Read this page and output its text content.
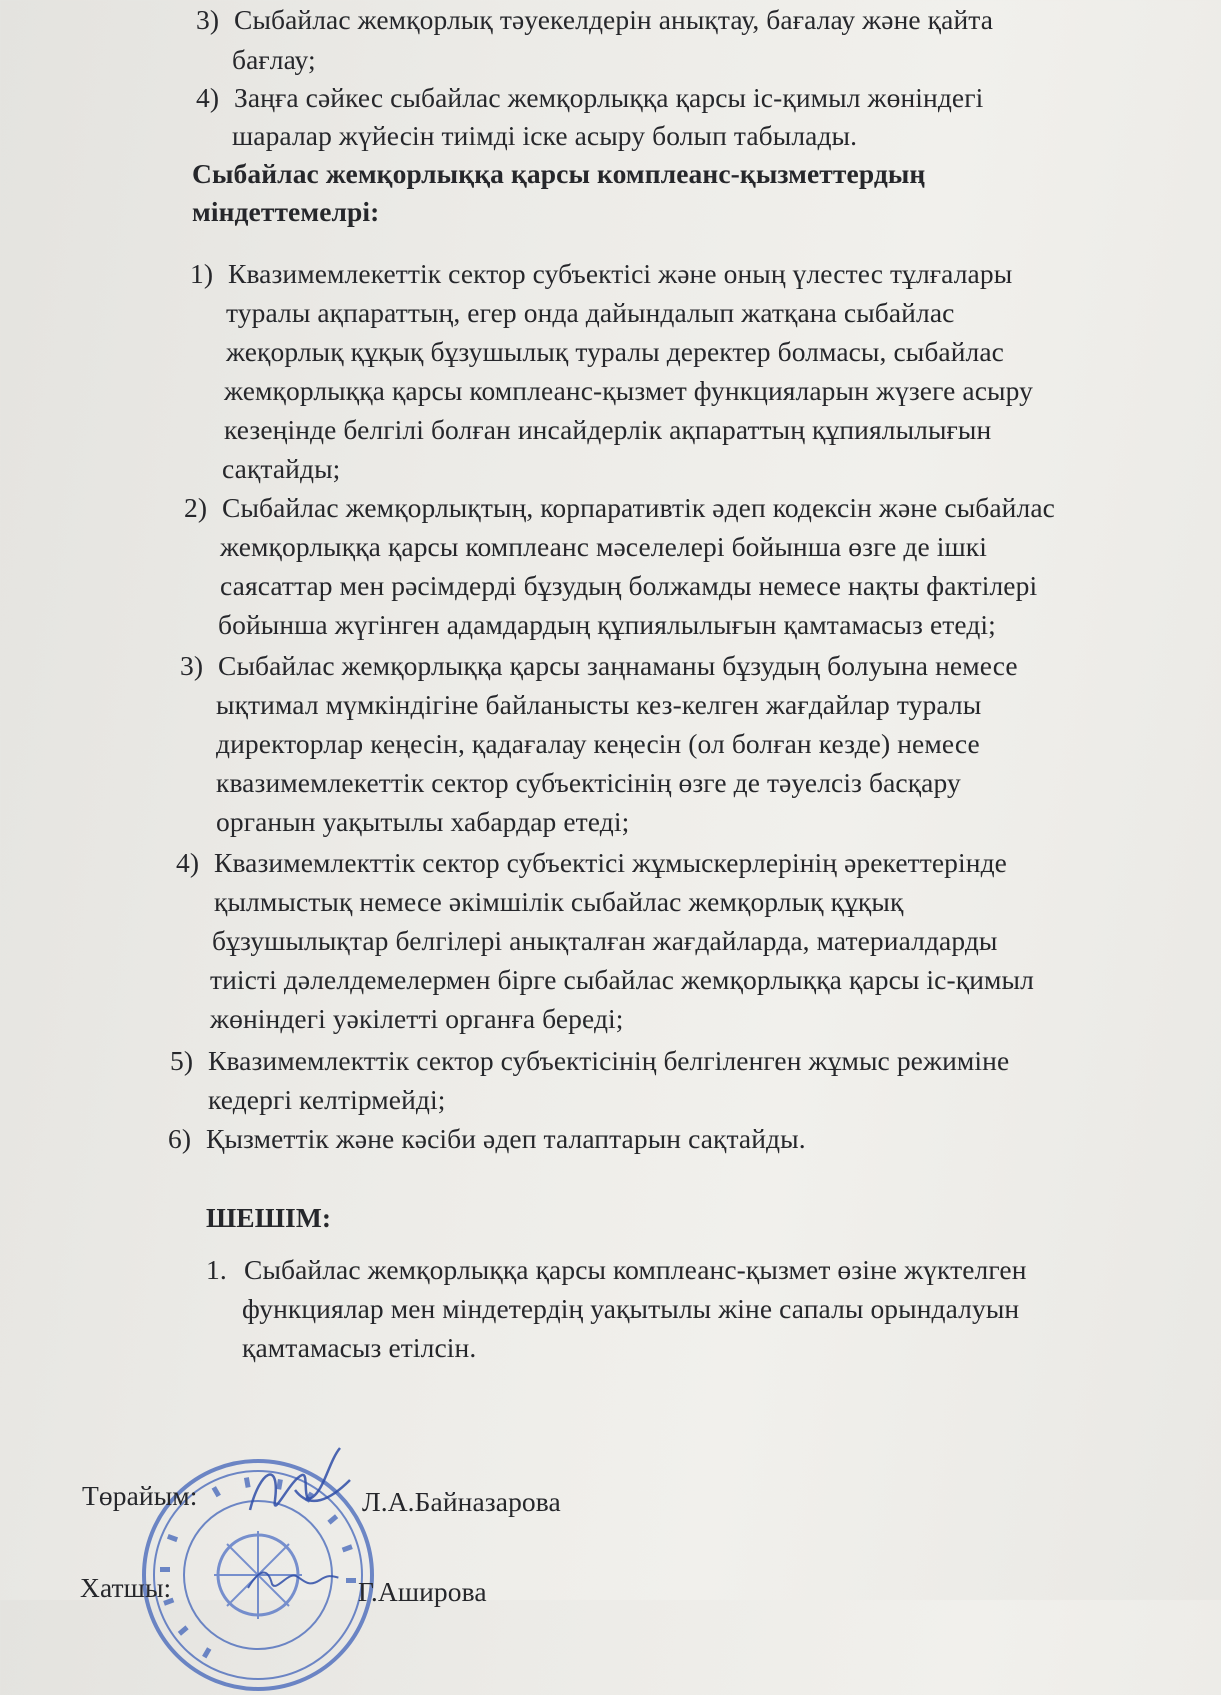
3) Сыбайлас жемқорлық тәуекелдерін анықтау, бағалау және қайта
бағлау;
4) Заңға сәйкес сыбайлас жемқорлыққа қарсы іс-қимыл жөніндегі
шаралар жүйесін тиімді іске асыру болып табылады.
Сыбайлас жемқорлыққа қарсы комплеанс-қызметтердың
міндеттемелрі:
1) Квазимемлекеттік сектор субъектісі және оның үлестес тұлғалары
туралы ақпараттың, егер онда дайындалып жатқана сыбайлас
жеқорлық құқық бұзушылық туралы деректер болмасы, сыбайлас
жемқорлыққа қарсы комплеанс-қызмет функцияларын жүзеге асыру
кезеңінде белгілі болған инсайдерлік ақпараттың құпиялылығын
сақтайды;
2) Сыбайлас жемқорлықтың, корпаративтік әдеп кодексін және сыбайлас
жемқорлыққа қарсы комплеанс мәселелері бойынша өзге де ішкі
саясаттар мен рәсімдерді бұзудың болжамды немесе нақты фактілері
бойынша жүгінген адамдардың құпиялылығын қамтамасыз етеді;
3) Сыбайлас жемқорлыққа қарсы заңнаманы бұзудың болуына немесе
ықтимал мүмкіндігіне байланысты кез-келген жағдайлар туралы
директорлар кеңесін, қадағалау кеңесін (ол болған кезде) немесе
квазимемлекеттік сектор субъектісінің өзге де тәуелсіз басқару
органын уақытылы хабардар етеді;
4) Квазимемлекттік сектор субъектісі жұмыскерлерінің әрекеттерінде
қылмыстық немесе әкімшілік сыбайлас жемқорлық құқық
бұзушылықтар белгілері анықталған жағдайларда, материалдарды
тиісті дәлелдемелермен бірге сыбайлас жемқорлыққа қарсы іс-қимыл
жөніндегі уәкілетті органға береді;
5) Квазимемлекттік сектор субъектісінің белгіленген жұмыс режиміне
кедергі келтірмейді;
6) Қызметтік және кәсіби әдеп талаптарын сақтайды.
ШЕШІМ:
1. Сыбайлас жемқорлыққа қарсы комплеанс-қызмет өзіне жүктелген
функциялар мен міндетердің уақытылы жіне сапалы орындалуын
қамтамасыз етілсін.
Төрайым:	Л.А.Байназарова
Хатшы:	Г.Аширова
